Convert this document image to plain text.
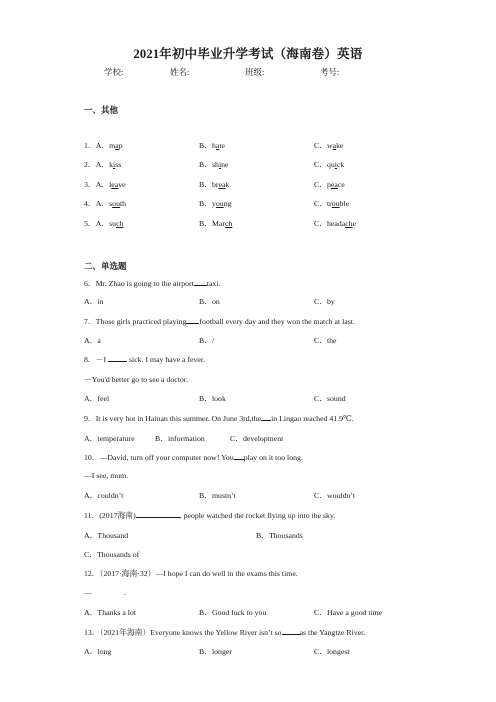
2021年初中毕业升学考试（海南卷）英语
学校:	姓名:	班级:	考号:
一、其他
1．A．map	B．hate	C．wake
2．A．kiss	B．shine	C．quick
3．A．leave	B．break	C．peace
4．A．south	B．young	C．trouble
5．A．such	B．March	C．headache
二、单选题
6．Mr. Zhao is going to the airport taxi.
A．in	B．on	C．by
7．Those girls practiced playing football every day and they won the match at last.
A．a	B．/	C．the
8．－I	sick. I may have a fever.
－You'd better go to see a doctor.
A．feel	B．look	C．sound
9．It is very hot in Hainan this summer. On June 3rd,the in Lingao reached 41.9℃.
A．temperature	B．information	C．development
10．—David, turn off your computer now! You play on it too long.
—I see, mum.
A．couldn’t	B．mustn’t	C．wouldn’t
11．(2017海南)	, people watched the rocket flying up into the sky.
A．Thousand	B．Thousands
C．Thousands of
12．（2017·海南·32）—I hope I can do well in the exams this time.
—	.
A．Thanks a lot	B．Good luck to you	C．Have a good time
13．（2021年海南）Everyone knows the Yellow River isn’t so as the Yangtze River.
A．long	B．longer	C．longest
